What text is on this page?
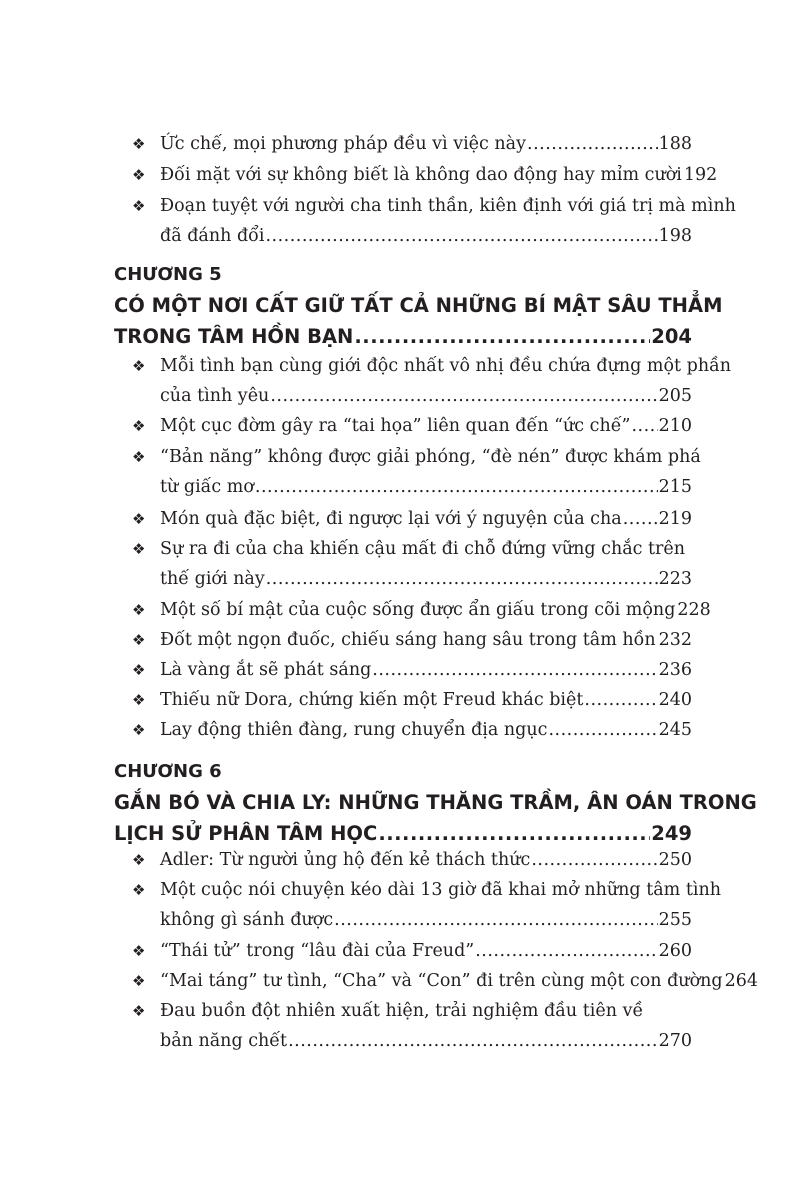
❖ Ức chế, mọi phương pháp đều vì việc này .....	188
❖ Đối mặt với sự không biết là không dao động hay mỉm cười 192
❖ Đoạn tuyệt với người cha tinh thần, kiên định với giá trị mà mình
đã đánh đổi .....	198
CHƯƠNG 5
CÓ MỘT NƠI CẤT GIỮ TẤT CẢ NHỮNG BÍ MẬT SÂU THẲM
TRONG TÂM HỒN BẠN .....	204
❖ Mỗi tình bạn cùng giới độc nhất vô nhị đều chứa đựng một phần
của tình yêu .....	205
❖ Một cục đờm gây ra “tai họa” liên quan đến “ức chế” ..... 210
❖ “Bản năng” không được giải phóng, “đè nén” được khám phá
từ giấc mơ .....	215
❖ Món quà đặc biệt, đi ngược lại với ý nguyện của cha ..... 219
❖ Sự ra đi của cha khiến cậu mất đi chỗ đứng vững chắc trên
thế giới này .....	223
❖ Một số bí mật của cuộc sống được ẩn giấu trong cõi mộng 228
❖ Đốt một ngọn đuốc, chiếu sáng hang sâu trong tâm hồn ..... 232
❖ Là vàng ắt sẽ phát sáng .....	236
❖ Thiếu nữ Dora, chứng kiến một Freud khác biệt .....	240
❖ Lay động thiên đàng, rung chuyển địa ngục .....	245
CHƯƠNG 6
GẮN BÓ VÀ CHIA LY: NHỮNG THĂNG TRẦM, ÂN OÁN TRONG
LỊCH SỬ PHÂN TÂM HỌC .....	249
❖ Adler: Từ người ủng hộ đến kẻ thách thức .....	250
❖ Một cuộc nói chuyện kéo dài 13 giờ đã khai mở những tâm tình
không gì sánh được .....	255
❖ “Thái tử” trong “lâu đài của Freud” .....	260
❖ “Mai táng” tư tình, “Cha” và “Con” đi trên cùng một con đường 264
❖ Đau buồn đột nhiên xuất hiện, trải nghiệm đầu tiên về
bản năng chết .....	270
